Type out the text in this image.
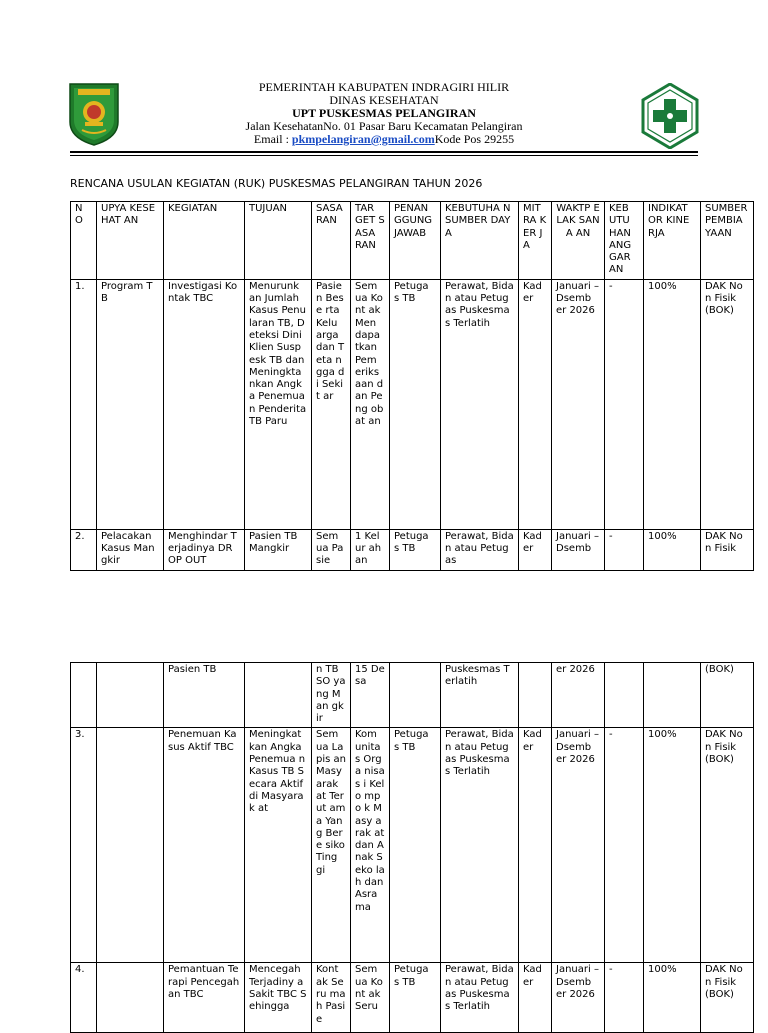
PEMERINTAH KABUPATEN INDRAGIRI HILIR
DINAS KESEHATAN
UPT PUSKESMAS PELANGIRAN
Jalan KesehatanNo. 01 Pasar Baru Kecamatan Pelangiran
Email : pkmpelangiran@gmail.comKode Pos 29255
RENCANA USULAN KEGIATAN (RUK) PUSKESMAS PELANGIRAN TAHUN 2026
N O	UPYA KESEHAT AN	KEGIATAN	TUJUAN	SASA RAN	TAR GET SASA RAN	PENAN GGUNG JAWAB	KEBUTUHA N SUMBER DAYA	MIT RA KER JA	WAKTP ELAK SANA AN	KEB UTU HAN ANG GAR AN	INDIKAT OR KINERJA	SUMBER PEMBIA YAAN
1.	Program TB	Investigasi Kontak TBC	Menurunk an Jumlah Kasus Penularan TB, Deteksi Dini Klien Suspesk TB dan Meningkta nkan Angka Penemua n Penderita TB Paru	Pasie n Bese rta Kelu arga dan Teta ngga di Sekit ar	Sem ua Kont ak Men dapa tkan Pem eriks aan dan Peng obat an	Petuga s TB	Perawat, Bidan atau Petugas Puskesmas Terlatih	Kad er	Januari – Dsemb er 2026	-	100%	DAK Non Fisik (BOK)
2.	Pelacakan Kasus Mangkir	Menghindar Terjadinya DROP OUT	Pasien TB Mangkir	Sem ua Pasie	1 Kelur ahan	Petuga s TB	Perawat, Bidan atau Petugas	Kad er	Januari – Dsemb	-	100%	DAK Non Fisik
		Pasien TB		n TB SO yang Man gkir	15 Desa		Puskesmas Terlatih		er 2026			(BOK)
3.		Penemuan Kasus Aktif TBC	Meningkat kan Angka Penemua n Kasus TB Secara Aktif di Masyarak at	Sem ua Lapis an Masy arak at Terut ama Yang Bere siko Ting gi	Kom unita s Orga nisas i Kelo mpo k Masy arak at dan Anak Seko lah dan Asra ma	Petuga s TB	Perawat, Bidan atau Petugas Puskesmas Terlatih	Kad er	Januari – Dsemb er 2026	-	100%	DAK Non Fisik (BOK)
4.		Pemantuan Terapi Pencegahan TBC	Mencegah Terjadiny a Sakit TBC Sehingga	Kont ak Seru mah Pasie	Sem ua Kont ak Seru	Petuga s TB	Perawat, Bidan atau Petugas Puskesmas Terlatih	Kad er	Januari – Dsemb er 2026	-	100%	DAK Non Fisik (BOK)
